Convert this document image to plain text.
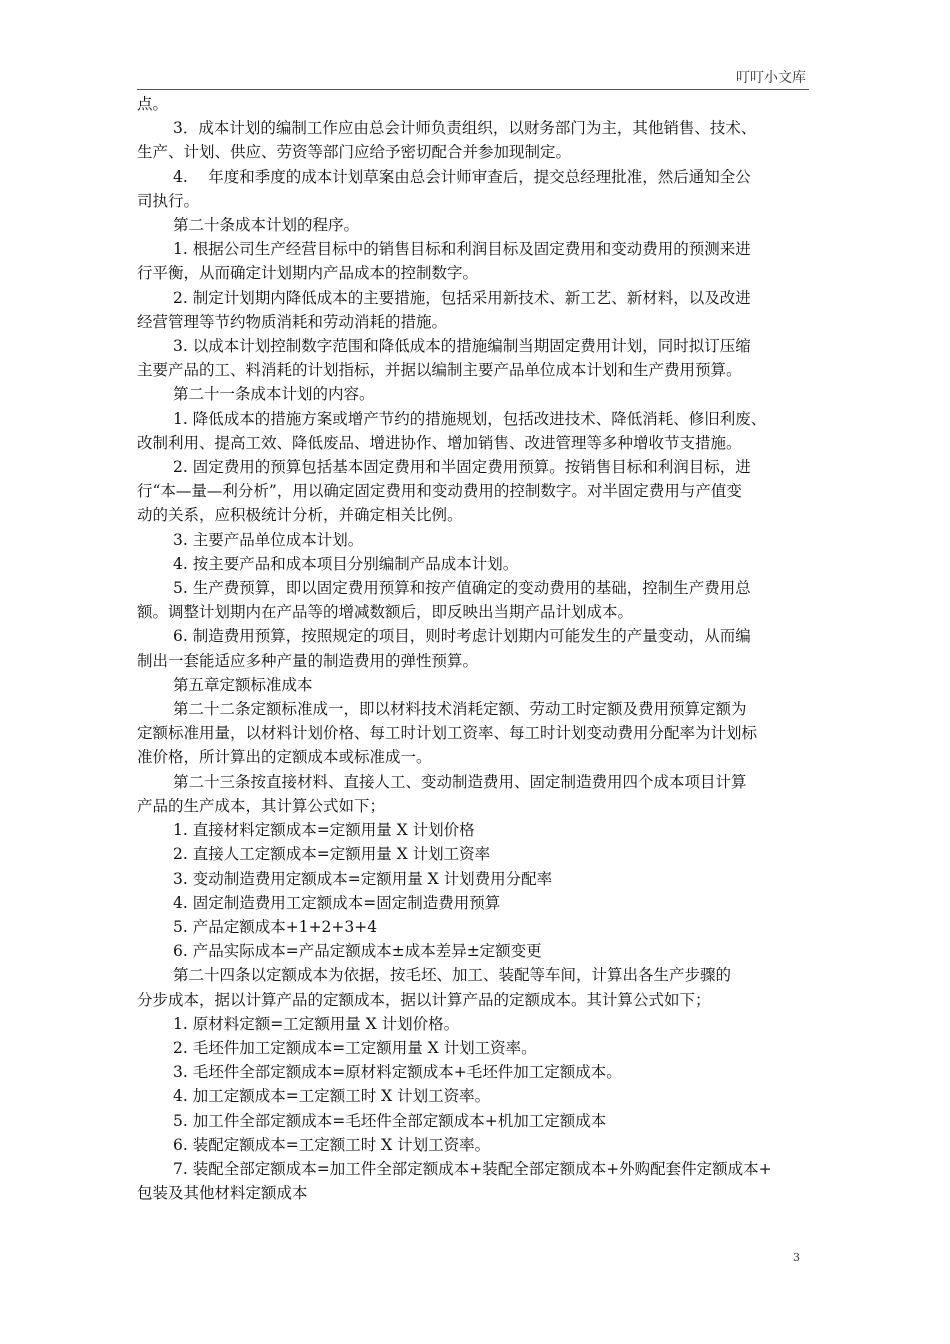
叮叮小文库

点。

3．成本计划的编制工作应由总会计师负责组织，以财务部门为主，其他销售、技术、

生产、计划、供应、劳资等部门应给予密切配合并参加现制定。

4.　 年度和季度的成本计划草案由总会计师审查后，提交总经理批准，然后通知全公

司执行。

第二十条成本计划的程序。

1. 根据公司生产经营目标中的销售目标和利润目标及固定费用和变动费用的预测来进

行平衡，从而确定计划期内产品成本的控制数字。

2. 制定计划期内降低成本的主要措施，包括采用新技术、新工艺、新材料，以及改进

经营管理等节约物质消耗和劳动消耗的措施。

3. 以成本计划控制数字范围和降低成本的措施编制当期固定费用计划，同时拟订压缩

主要产品的工、料消耗的计划指标，并据以编制主要产品单位成本计划和生产费用预算。

第二十一条成本计划的内容。

1. 降低成本的措施方案或增产节约的措施规划，包括改进技术、降低消耗、修旧利废、

改制利用、提高工效、降低废品、增进协作、增加销售、改进管理等多种增收节支措施。

2. 固定费用的预算包括基本固定费用和半固定费用预算。按销售目标和利润目标，进

行“本—量—利分析”，用以确定固定费用和变动费用的控制数字。对半固定费用与产值变

动的关系，应积极统计分析，并确定相关比例。

3. 主要产品单位成本计划。

4. 按主要产品和成本项目分别编制产品成本计划。

5. 生产费预算，即以固定费用预算和按产值确定的变动费用的基础，控制生产费用总

额。调整计划期内在产品等的增减数额后，即反映出当期产品计划成本。

6. 制造费用预算，按照规定的项目，则时考虑计划期内可能发生的产量变动，从而编

制出一套能适应多种产量的制造费用的弹性预算。

第五章定额标准成本

第二十二条定额标准成一，即以材料技术消耗定额、劳动工时定额及费用预算定额为

定额标准用量，以材料计划价格、每工时计划工资率、每工时计划变动费用分配率为计划标

准价格，所计算出的定额成本或标准成一。

第二十三条按直接材料、直接人工、变动制造费用、固定制造费用四个成本项目计算

产品的生产成本，其计算公式如下；

1. 直接材料定额成本=定额用量 X 计划价格

2. 直接人工定额成本=定额用量 X 计划工资率

3. 变动制造费用定额成本=定额用量 X 计划费用分配率

4. 固定制造费用工定额成本=固定制造费用预算

5. 产品定额成本+1+2+3+4

6. 产品实际成本=产品定额成本±成本差异±定额变更

第二十四条以定额成本为依据，按毛坯、加工、装配等车间，计算出各生产步骤的

分步成本，据以计算产品的定额成本，据以计算产品的定额成本。其计算公式如下；

1. 原材料定额=工定额用量 X 计划价格。

2. 毛坯件加工定额成本=工定额用量 X 计划工资率。

3. 毛坯件全部定额成本=原材料定额成本+毛坯件加工定额成本。

4. 加工定额成本=工定额工时 X 计划工资率。

5. 加工件全部定额成本=毛坯件全部定额成本+机加工定额成本

6. 装配定额成本=工定额工时 X 计划工资率。

7. 装配全部定额成本=加工件全部定额成本+装配全部定额成本+外购配套件定额成本+

包装及其他材料定额成本

3
